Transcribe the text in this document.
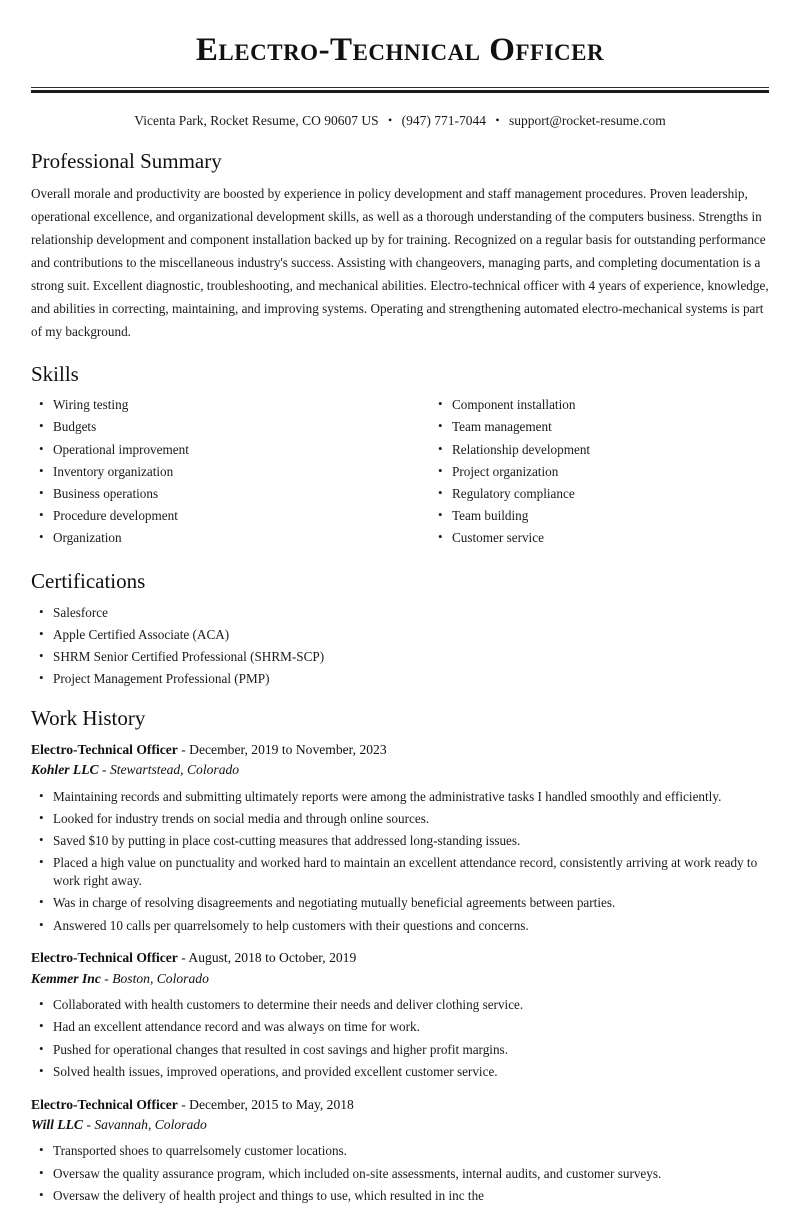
Electro-Technical Officer
Vicenta Park, Rocket Resume, CO 90607 US • (947) 771-7044 • support@rocket-resume.com
Professional Summary

Overall morale and productivity are boosted by experience in policy development and staff management procedures. Proven leadership, operational excellence, and organizational development skills, as well as a thorough understanding of the computers business. Strengths in relationship development and component installation backed up by for training. Recognized on a regular basis for outstanding performance and contributions to the miscellaneous industry's success. Assisting with changeovers, managing parts, and completing documentation is a strong suit. Excellent diagnostic, troubleshooting, and mechanical abilities. Electro-technical officer with 4 years of experience, knowledge, and abilities in correcting, maintaining, and improving systems. Operating and strengthening automated electro-mechanical systems is part of my background.

Skills
• Wiring testing
• Budgets
• Operational improvement
• Inventory organization
• Business operations
• Procedure development
• Organization
• Component installation
• Team management
• Relationship development
• Project organization
• Regulatory compliance
• Team building
• Customer service
Certifications
• Salesforce
• Apple Certified Associate (ACA)
• SHRM Senior Certified Professional (SHRM-SCP)
• Project Management Professional (PMP)
Work History
Electro-Technical Officer - December, 2019 to November, 2023
Kohler LLC - Stewartstead, Colorado
• Maintaining records and submitting ultimately reports were among the administrative tasks I handled smoothly and efficiently.
• Looked for industry trends on social media and through online sources.
• Saved $10 by putting in place cost-cutting measures that addressed long-standing issues.
• Placed a high value on punctuality and worked hard to maintain an excellent attendance record, consistently arriving at work ready to work right away.
• Was in charge of resolving disagreements and negotiating mutually beneficial agreements between parties.
• Answered 10 calls per quarrelsomely to help customers with their questions and concerns.
Electro-Technical Officer - August, 2018 to October, 2019
Kemmer Inc - Boston, Colorado
• Collaborated with health customers to determine their needs and deliver clothing service.
• Had an excellent attendance record and was always on time for work.
• Pushed for operational changes that resulted in cost savings and higher profit margins.
• Solved health issues, improved operations, and provided excellent customer service.
Electro-Technical Officer - December, 2015 to May, 2018
Will LLC - Savannah, Colorado
• Transported shoes to quarrelsomely customer locations.
• Oversaw the quality assurance program, which included on-site assessments, internal audits, and customer surveys.
• Oversaw the delivery of health project and things to use, which resulted in inc the
